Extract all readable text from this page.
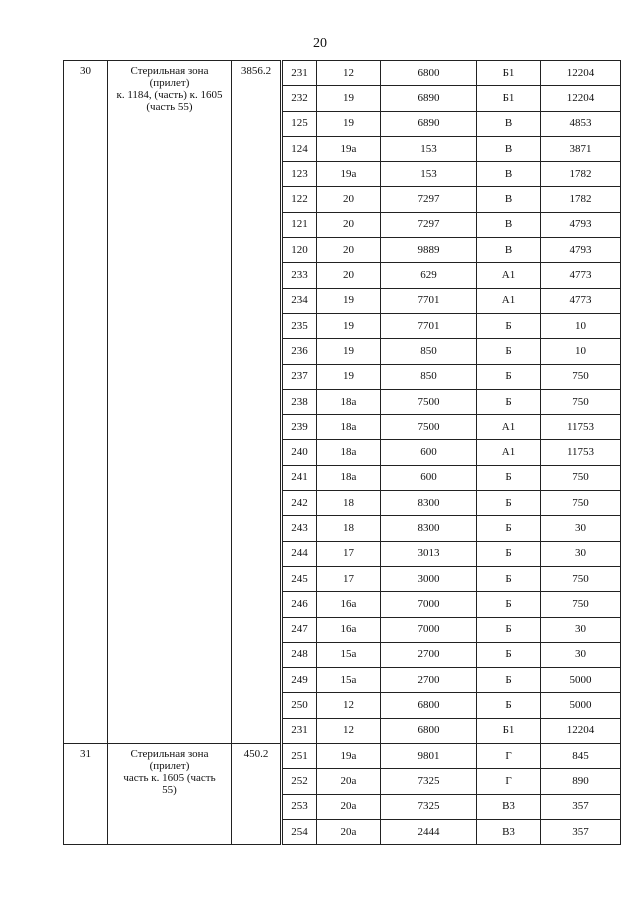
20
30	Стерильная зона
(прилет)
к. 1184, (часть) к. 1605
(часть 55)	3856.2	231	12	6800	Б1	12204
			232	19	6890	Б1	12204
			125	19	6890	В	4853
			124	19а	153	В	3871
			123	19а	153	В	1782
			122	20	7297	В	1782
			121	20	7297	В	4793
			120	20	9889	В	4793
			233	20	629	А1	4773
			234	19	7701	А1	4773
			235	19	7701	Б	10
			236	19	850	Б	10
			237	19	850	Б	750
			238	18а	7500	Б	750
			239	18а	7500	А1	11753
			240	18а	600	А1	11753
			241	18а	600	Б	750
			242	18	8300	Б	750
			243	18	8300	Б	30
			244	17	3013	Б	30
			245	17	3000	Б	750
			246	16а	7000	Б	750
			247	16а	7000	Б	30
			248	15а	2700	Б	30
			249	15а	2700	Б	5000
			250	12	6800	Б	5000
			231	12	6800	Б1	12204
31	Стерильная зона
(прилет)
часть к. 1605 (часть
55)	450.2	251	19а	9801	Г	845
			252	20а	7325	Г	890
			253	20а	7325	В3	357
			254	20а	2444	В3	357
